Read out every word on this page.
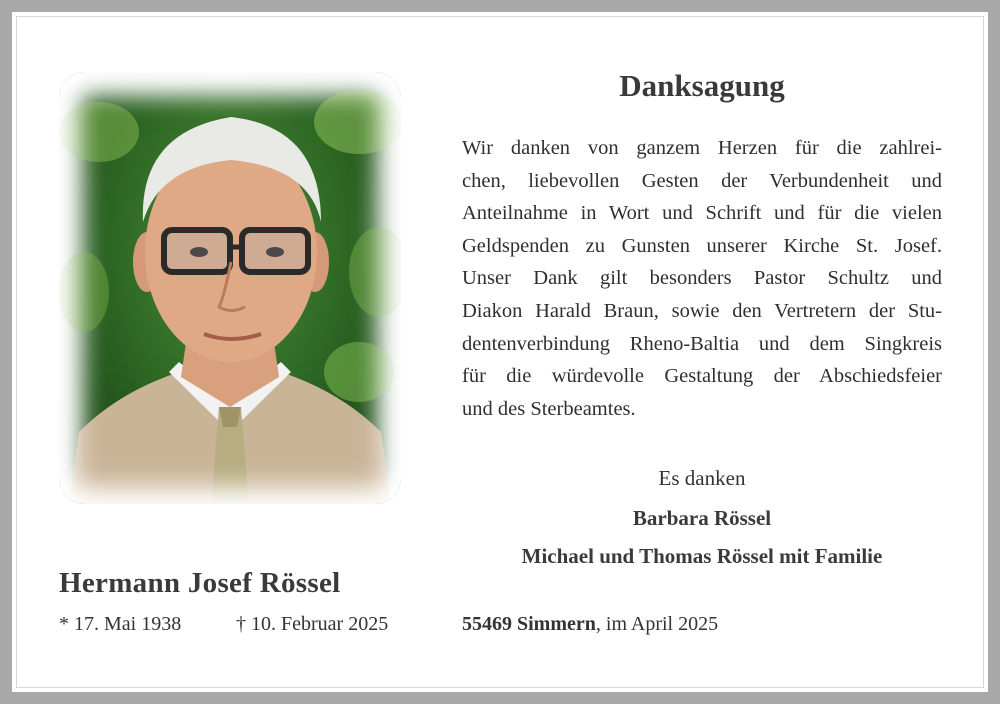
Hermann Josef Rössel
* 17. Mai 1938	† 10. Februar 2025
Danksagung
Wir danken von ganzem Herzen für die zahlrei-
chen, liebevollen Gesten der Verbundenheit und
Anteilnahme in Wort und Schrift und für die vielen
Geldspenden zu Gunsten unserer Kirche St. Josef.
Unser Dank gilt besonders Pastor Schultz und
Diakon Harald Braun, sowie den Vertretern der Stu-
dentenverbindung Rheno-Baltia und dem Singkreis
für die würdevolle Gestaltung der Abschiedsfeier
und des Sterbeamtes.
Es danken
Barbara Rössel
Michael und Thomas Rössel mit Familie
55469 Simmern, im April 2025
